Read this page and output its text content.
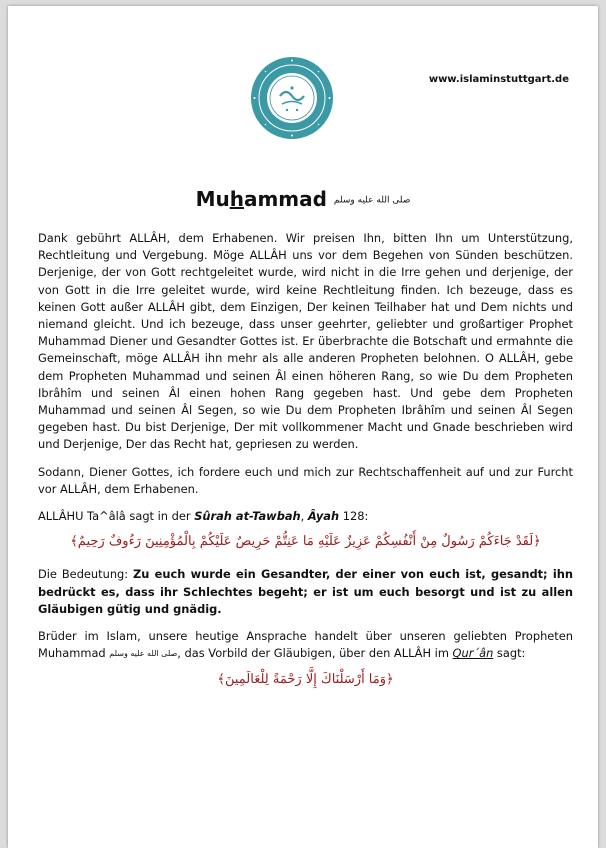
www.islaminstuttgart.de
Muhammad صلى الله عليه وسلم

Dank gebührt ALLÂH, dem Erhabenen. Wir preisen Ihn, bitten Ihn um Unterstützung, Rechtleitung und Vergebung. Möge ALLÂH uns vor dem Begehen von Sünden beschützen. Derjenige, der von Gott rechtgeleitet wurde, wird nicht in die Irre gehen und derjenige, der von Gott in die Irre geleitet wurde, wird keine Rechtleitung finden. Ich bezeuge, dass es keinen Gott außer ALLÂH gibt, dem Einzigen, Der keinen Teilhaber hat und Dem nichts und niemand gleicht. Und ich bezeuge, dass unser geehrter, geliebter und großartiger Prophet Muhammad Diener und Gesandter Gottes ist. Er überbrachte die Botschaft und ermahnte die Gemeinschaft, möge ALLÂH ihn mehr als alle anderen Propheten belohnen. O ALLÂH, gebe dem Propheten Muhammad und seinen Âl einen höheren Rang, so wie Du dem Propheten Ibrâhîm und seinen Âl einen hohen Rang gegeben hast. Und gebe dem Propheten Muhammad und seinen Âl Segen, so wie Du dem Propheten Ibrâhîm und seinen Âl Segen gegeben hast. Du bist Derjenige, Der mit vollkommener Macht und Gnade beschrieben wird und Derjenige, Der das Recht hat, gepriesen zu werden.

Sodann, Diener Gottes, ich fordere euch und mich zur Rechtschaffenheit auf und zur Furcht vor ALLÂH, dem Erhabenen.

ALLÂHU Ta^âlâ sagt in der Sûrah at-Tawbah, Âyah 128:

﴿لَقَدْ جَاءَكُمْ رَسُولٌ مِنْ أَنْفُسِكُمْ عَزِيزٌ عَلَيْهِ مَا عَنِتُّمْ حَرِيصٌ عَلَيْكُمْ بِالْمُؤْمِنِينَ رَءُوفٌ رَحِيمٌ﴾

Die Bedeutung: Zu euch wurde ein Gesandter, der einer von euch ist, gesandt; ihn bedrückt es, dass ihr Schlechtes begeht; er ist um euch besorgt und ist zu allen Gläubigen gütig und gnädig.

Brüder im Islam, unsere heutige Ansprache handelt über unseren geliebten Propheten Muhammad صلى الله عليه وسلم, das Vorbild der Gläubigen, über den ALLÂH im Qur´ân sagt:

﴿وَمَا أَرْسَلْنَاكَ إِلَّا رَحْمَةً لِلْعَالَمِينَ﴾
